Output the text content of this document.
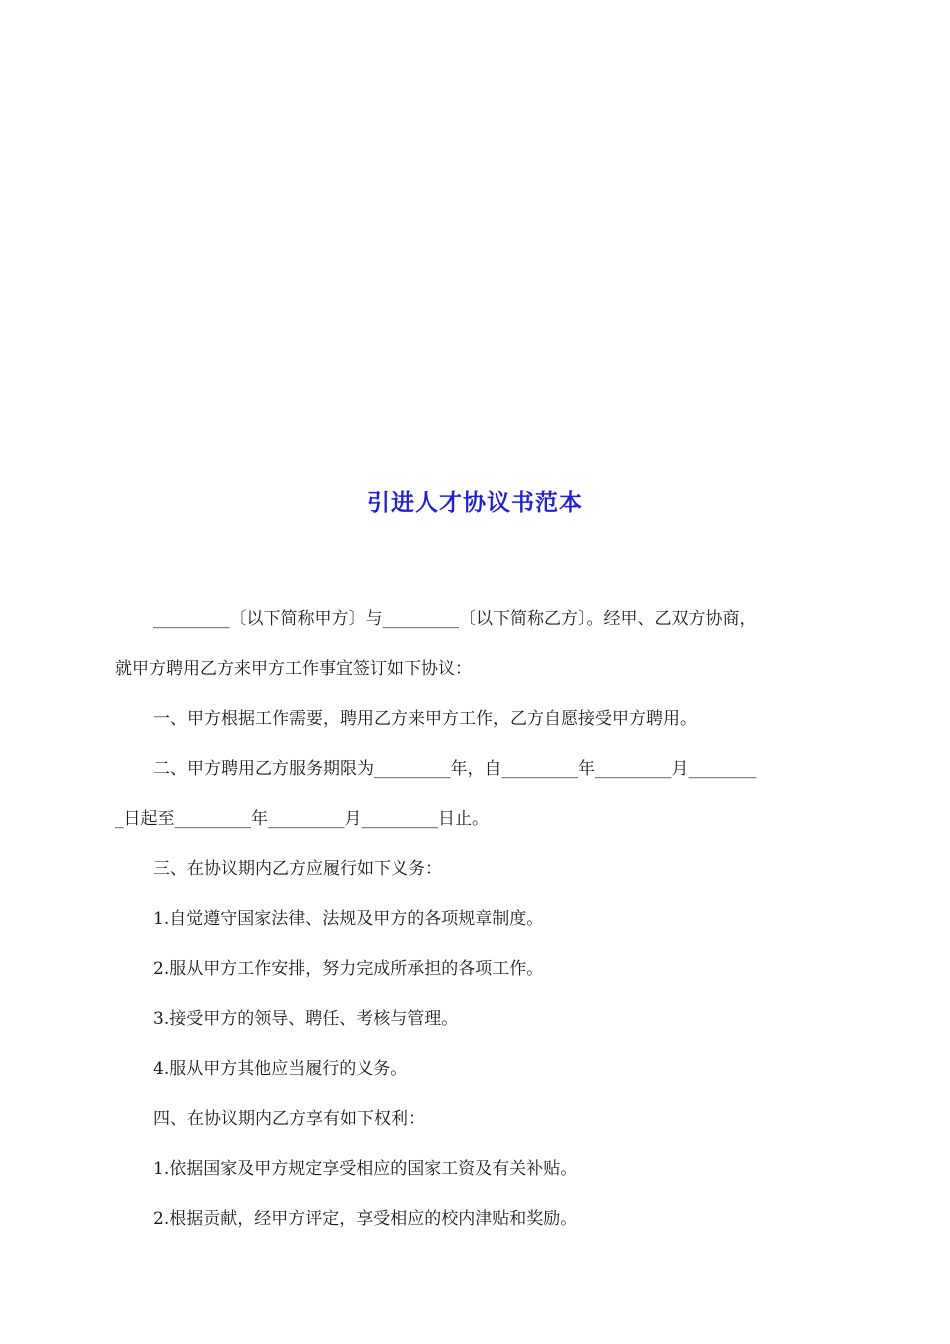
引进人才协议书范本
_________〔以下简称甲方〕与_________〔以下简称乙方〕。经甲、乙双方协商，
就甲方聘用乙方来甲方工作事宜签订如下协议：
一、甲方根据工作需要，聘用乙方来甲方工作，乙方自愿接受甲方聘用。
二、甲方聘用乙方服务期限为_________年，自_________年_________月________
_日起至_________年_________月_________日止。
三、在协议期内乙方应履行如下义务：
1.自觉遵守国家法律、法规及甲方的各项规章制度。
2.服从甲方工作安排，努力完成所承担的各项工作。
3.接受甲方的领导、聘任、考核与管理。
4.服从甲方其他应当履行的义务。
四、在协议期内乙方享有如下权利：
1.依据国家及甲方规定享受相应的国家工资及有关补贴。
2.根据贡献，经甲方评定，享受相应的校内津贴和奖励。
